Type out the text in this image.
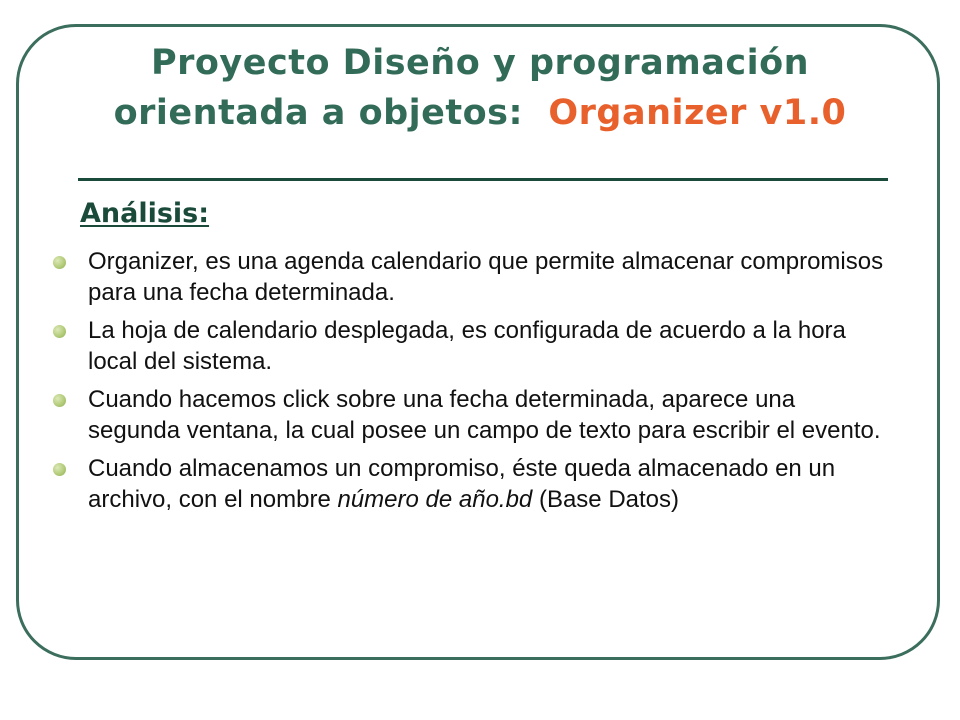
Proyecto Diseño y programación
orientada a objetos: Organizer v1.0
Análisis:
Organizer, es una agenda calendario que permite almacenar compromisos para una fecha determinada.
La hoja de calendario desplegada, es configurada de acuerdo a la hora local del sistema.
Cuando hacemos click sobre una fecha determinada, aparece una segunda ventana, la cual posee un campo de texto para escribir el evento.
Cuando almacenamos un compromiso, éste queda almacenado en un archivo, con el nombre número de año.bd (Base Datos)
